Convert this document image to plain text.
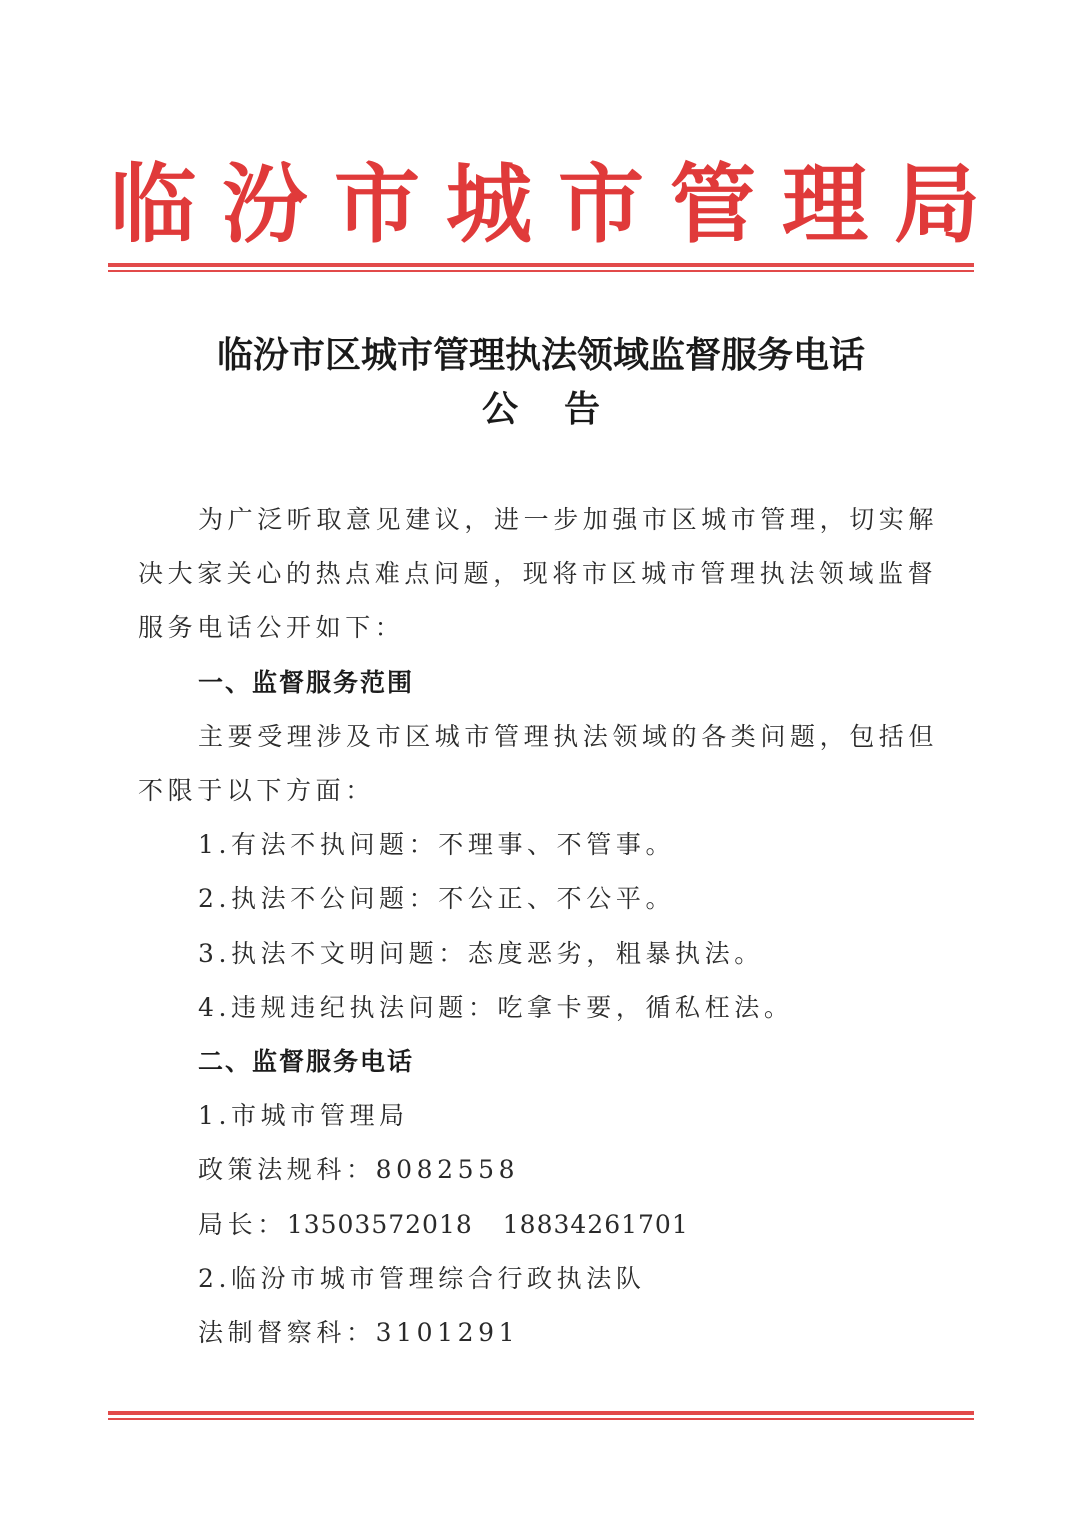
临汾市城市管理局
临汾市区城市管理执法领域监督服务电话
公告

为广泛听取意见建议，进一步加强市区城市管理，切实解

决大家关心的热点难点问题，现将市区城市管理执法领域监督

服务电话公开如下：

一、监督服务范围

主要受理涉及市区城市管理执法领域的各类问题，包括但

不限于以下方面：

1.有法不执问题：不理事、不管事。

2.执法不公问题：不公正、不公平。

3.执法不文明问题：态度恶劣，粗暴执法。

4.违规违纪执法问题：吃拿卡要，循私枉法。

二、监督服务电话

1.市城市管理局

政策法规科：8082558

局长：13503572018 18834261701

2.临汾市城市管理综合行政执法队

法制督察科：3101291
